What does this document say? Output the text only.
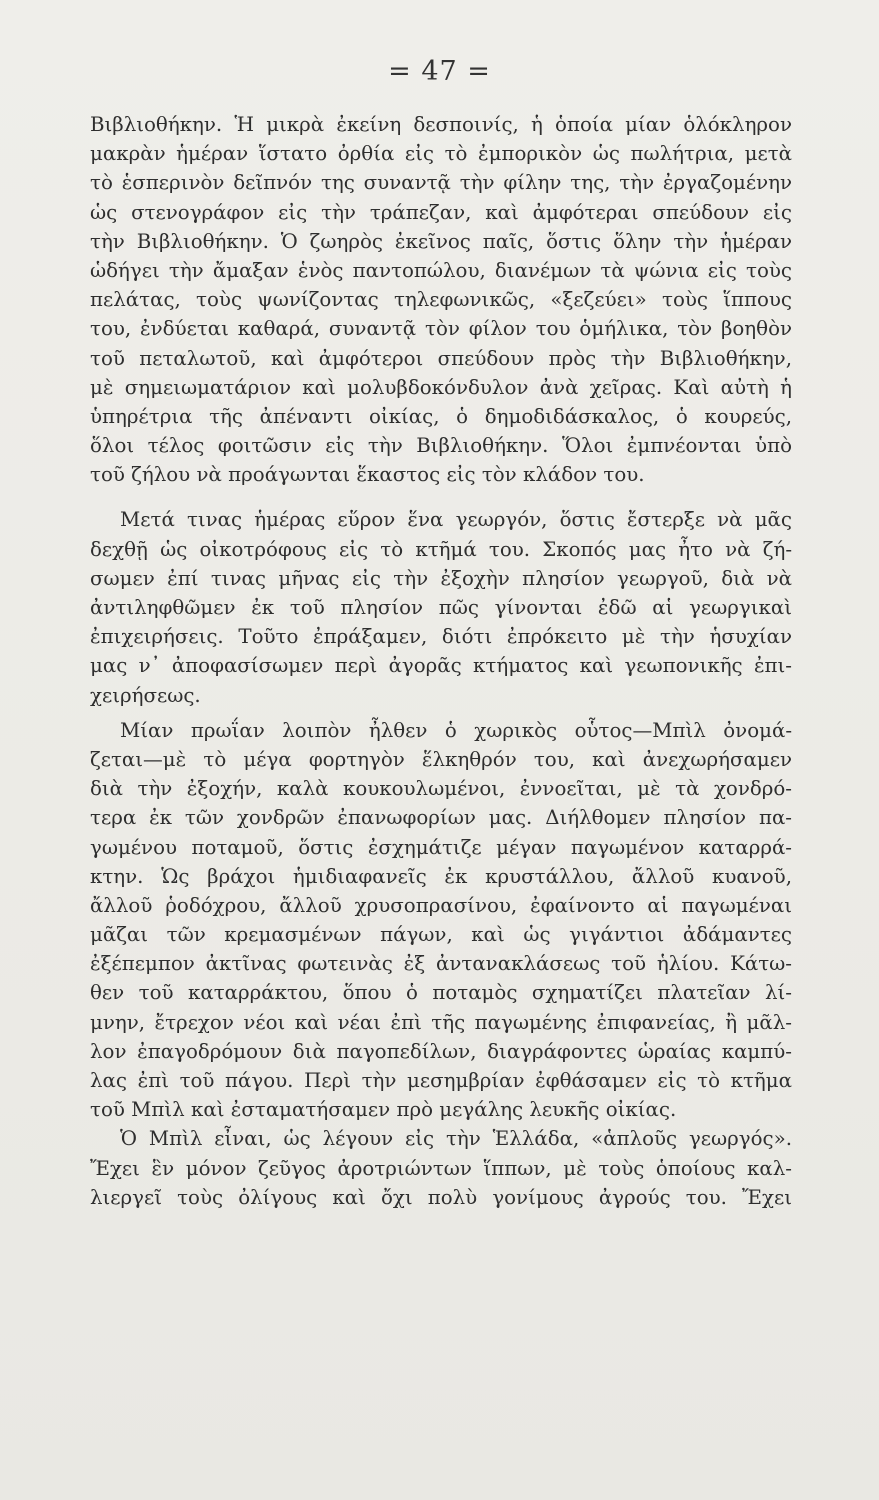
= 47 =
Βιβλιοθήκην. Ἡ μικρὰ ἐκείνη δεσποινίς, ἡ ὁποία μίαν ὁλόκληρον
μακρὰν ἡμέραν ἵστατο ὀρθία εἰς τὸ ἐμπορικὸν ὡς πωλήτρια, μετὰ
τὸ ἑσπερινὸν δεῖπνόν της συναντᾷ τὴν φίλην της, τὴν ἐργαζομένην
ὡς στενογράφον εἰς τὴν τράπεζαν, καὶ ἀμφότεραι σπεύδουν εἰς
τὴν Βιβλιοθήκην. Ὁ ζωηρὸς ἐκεῖνος παῖς, ὅστις ὅλην τὴν ἡμέραν
ὡδήγει τὴν ἄμαξαν ἑνὸς παντοπώλου, διανέμων τὰ ψώνια εἰς τοὺς
πελάτας, τοὺς ψωνίζοντας τηλεφωνικῶς, «ξεζεύει» τοὺς ἵππους
του, ἐνδύεται καθαρά, συναντᾷ τὸν φίλον του ὁμήλικα, τὸν βοηθὸν
τοῦ πεταλωτοῦ, καὶ ἀμφότεροι σπεύδουν πρὸς τὴν Βιβλιοθήκην,
μὲ σημειωματάριον καὶ μολυβδοκόνδυλον ἀνὰ χεῖρας. Καὶ αὐτὴ ἡ
ὑπηρέτρια τῆς ἀπέναντι οἰκίας, ὁ δημοδιδάσκαλος, ὁ κουρεύς,
ὅλοι τέλος φοιτῶσιν εἰς τὴν Βιβλιοθήκην. Ὅλοι ἐμπνέονται ὑπὸ
τοῦ ζήλου νὰ προάγωνται ἕκαστος εἰς τὸν κλάδον του.
Μετά τινας ἡμέρας εὕρον ἕνα γεωργόν, ὅστις ἔστερξε νὰ μᾶς
δεχθῇ ὡς οἰκοτρόφους εἰς τὸ κτῆμά του. Σκοπός μας ἦτο νὰ ζή-
σωμεν ἐπί τινας μῆνας εἰς τὴν ἐξοχὴν πλησίον γεωργοῦ, διὰ νὰ
ἀντιληφθῶμεν ἐκ τοῦ πλησίον πῶς γίνονται ἐδῶ αἱ γεωργικαὶ
ἐπιχειρήσεις. Τοῦτο ἐπράξαμεν, διότι ἐπρόκειτο μὲ τὴν ἡσυχίαν
μας ν᾽ ἀποφασίσωμεν περὶ ἀγορᾶς κτήματος καὶ γεωπονικῆς ἐπι-
χειρήσεως.
Μίαν πρωΐαν λοιπὸν ἦλθεν ὁ χωρικὸς οὗτος—Μπὶλ ὀνομά-
ζεται—μὲ τὸ μέγα φορτηγὸν ἕλκηθρόν του, καὶ ἀνεχωρήσαμεν
διὰ τὴν ἐξοχήν, καλὰ κουκουλωμένοι, ἐννοεῖται, μὲ τὰ χονδρό-
τερα ἐκ τῶν χονδρῶν ἐπανωφορίων μας. Διήλθομεν πλησίον πα-
γωμένου ποταμοῦ, ὅστις ἐσχημάτιζε μέγαν παγωμένον καταρρά-
κτην. Ὡς βράχοι ἡμιδιαφανεῖς ἐκ κρυστάλλου, ἄλλοῦ κυανοῦ,
ἄλλοῦ ῥοδόχρου, ἄλλοῦ χρυσοπρασίνου, ἐφαίνοντο αἱ παγωμέναι
μᾶζαι τῶν κρεμασμένων πάγων, καὶ ὡς γιγάντιοι ἀδάμαντες
ἐξέπεμπον ἀκτῖνας φωτεινὰς ἐξ ἀντανακλάσεως τοῦ ἡλίου. Κάτω-
θεν τοῦ καταρράκτου, ὅπου ὁ ποταμὸς σχηματίζει πλατεῖαν λί-
μνην, ἔτρεχον νέοι καὶ νέαι ἐπὶ τῆς παγωμένης ἐπιφανείας, ἢ μᾶλ-
λον ἐπαγοδρόμουν διὰ παγοπεδίλων, διαγράφοντες ὡραίας καμπύ-
λας ἐπὶ τοῦ πάγου. Περὶ τὴν μεσημβρίαν ἐφθάσαμεν εἰς τὸ κτῆμα
τοῦ Μπὶλ καὶ ἐσταματήσαμεν πρὸ μεγάλης λευκῆς οἰκίας.
Ὁ Μπὶλ εἶναι, ὡς λέγουν εἰς τὴν Ἑλλάδα, «ἁπλοῦς γεωργός».
Ἔχει ἓν μόνον ζεῦγος ἀροτριώντων ἵππων, μὲ τοὺς ὁποίους καλ-
λιεργεῖ τοὺς ὀλίγους καὶ ὄχι πολὺ γονίμους ἀγρούς του. Ἔχει
